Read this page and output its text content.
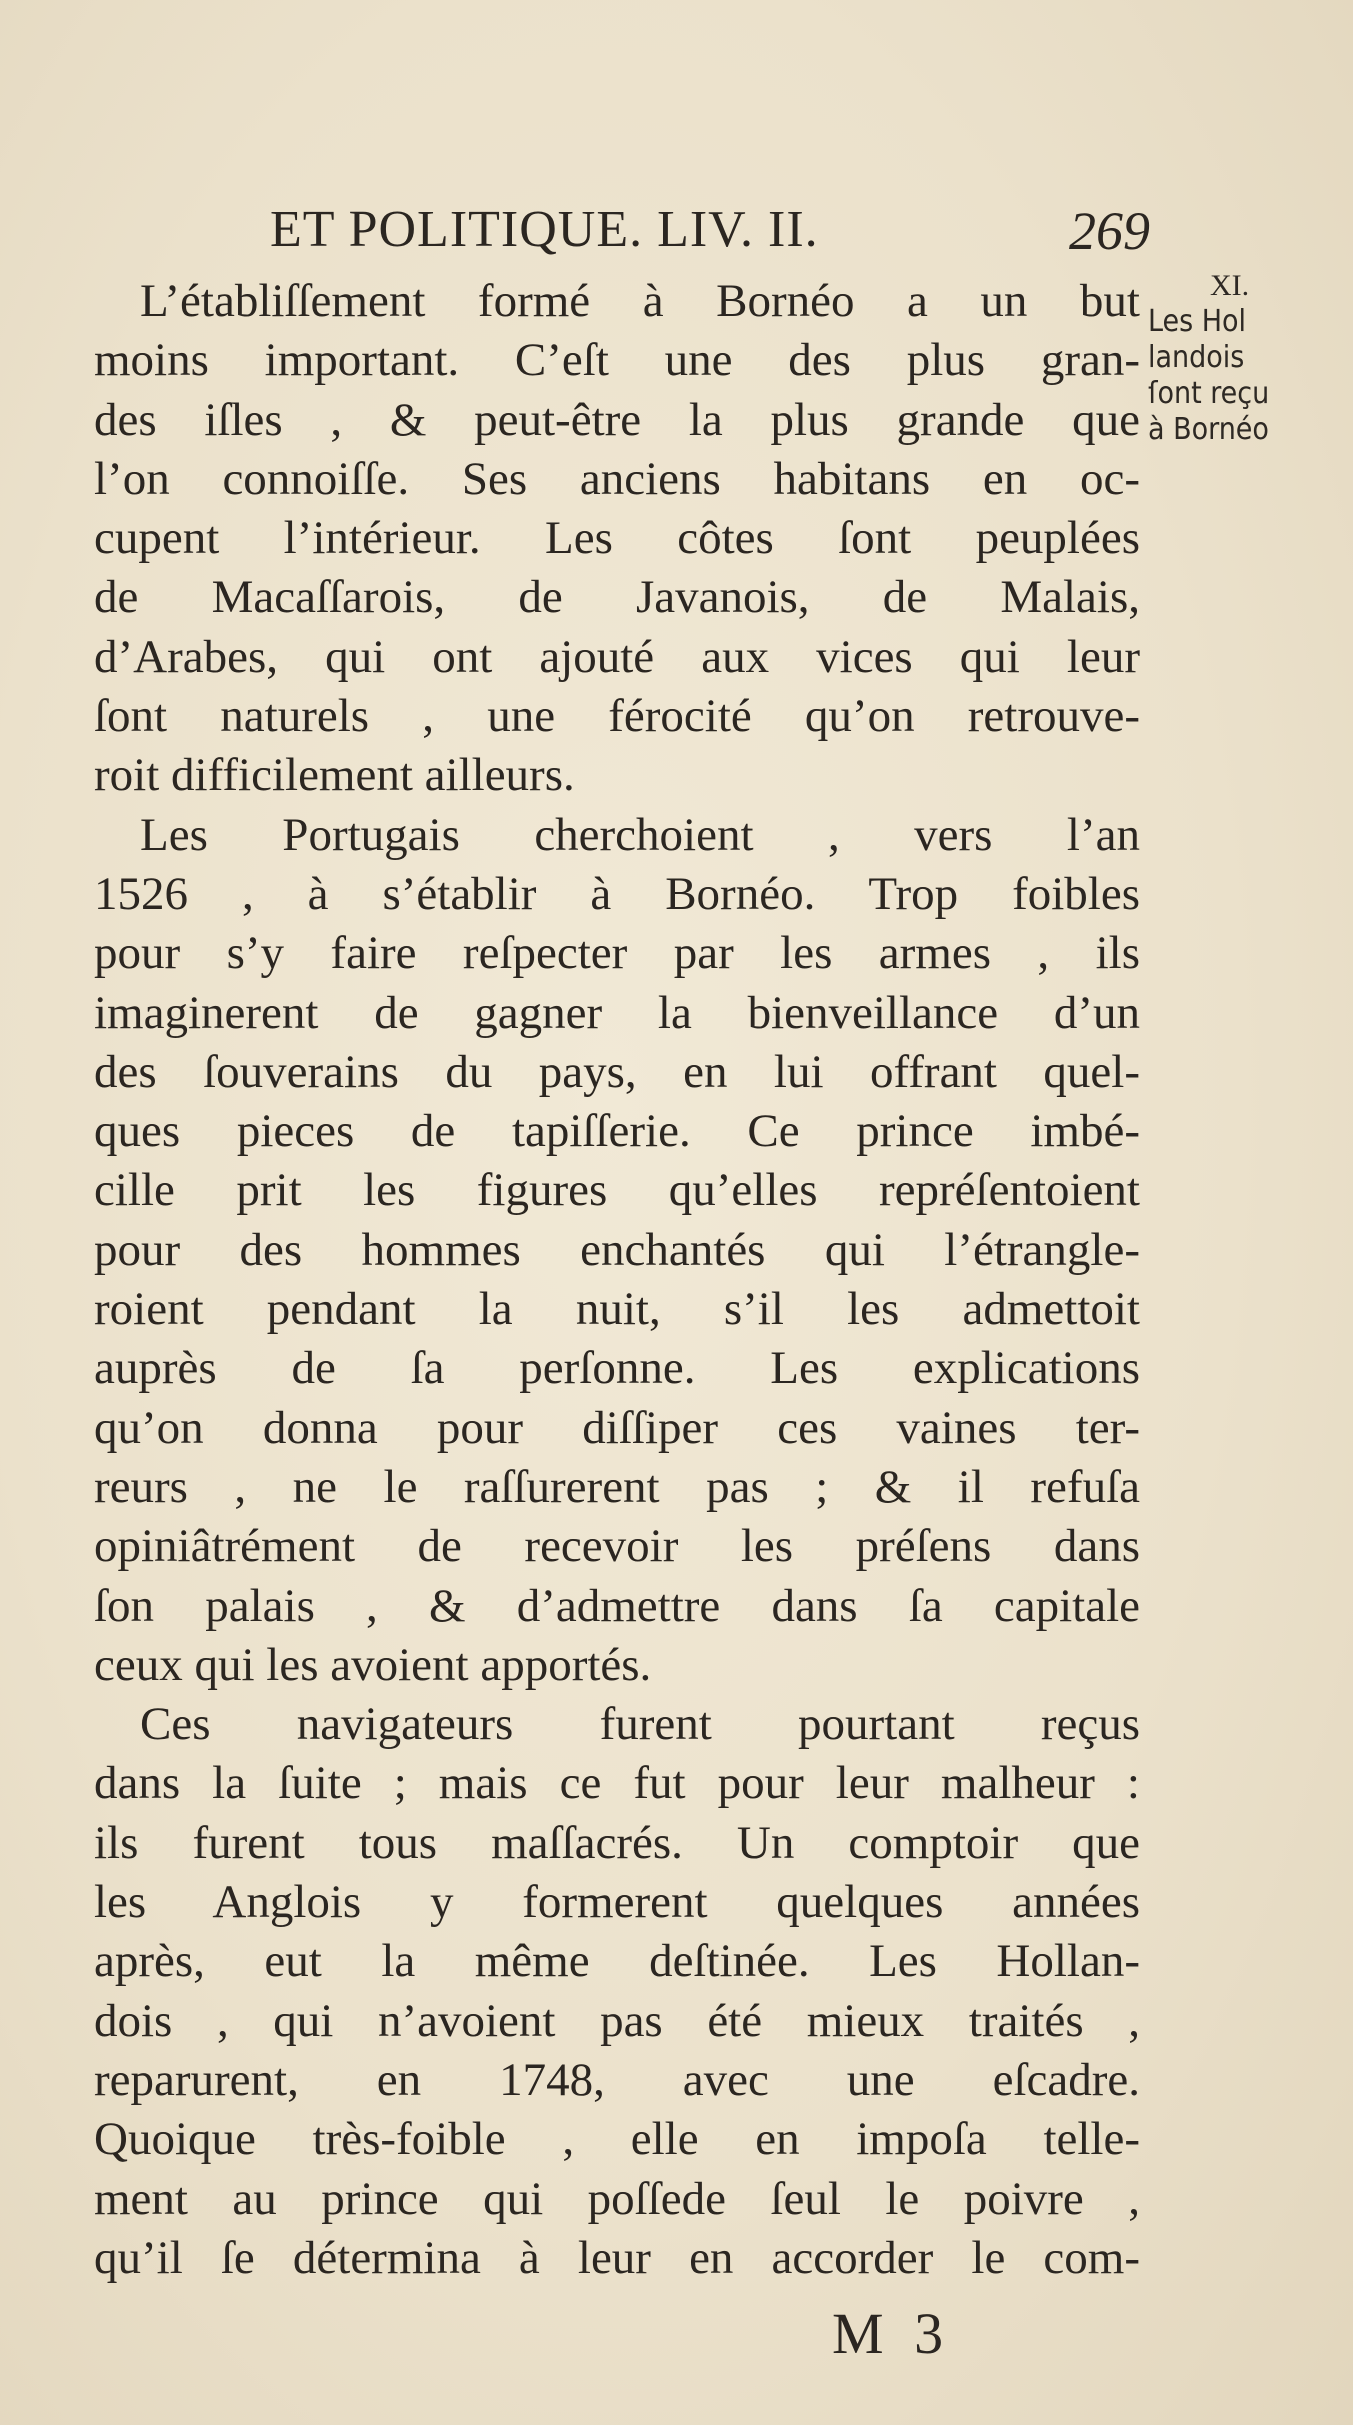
ET POLITIQUE. LIV. II.	269
XI.
Les Hol
landois
ſont reçu
à Bornéo
L’établiſſement formé à Bornéo a un but
moins important. C’eſt une des plus gran-
des iſles , & peut-être la plus grande que
l’on connoiſſe. Ses anciens habitans en oc-
cupent l’intérieur. Les côtes ſont peuplées
de Macaſſarois, de Javanois, de Malais,
d’Arabes, qui ont ajouté aux vices qui leur
ſont naturels , une férocité qu’on retrouve-
roit difficilement ailleurs.
Les Portugais cherchoient , vers l’an
1526 , à s’établir à Bornéo. Trop foibles
pour s’y faire reſpecter par les armes , ils
imaginerent de gagner la bienveillance d’un
des ſouverains du pays, en lui offrant quel-
ques pieces de tapiſſerie. Ce prince imbé-
cille prit les figures qu’elles repréſentoient
pour des hommes enchantés qui l’étrangle-
roient pendant la nuit, s’il les admettoit
auprès de ſa perſonne. Les explications
qu’on donna pour diſſiper ces vaines ter-
reurs , ne le raſſurerent pas ; & il refuſa
opiniâtrément de recevoir les préſens dans
ſon palais , & d’admettre dans ſa capitale
ceux qui les avoient apportés.
Ces navigateurs furent pourtant reçus
dans la ſuite ; mais ce fut pour leur malheur :
ils furent tous maſſacrés. Un comptoir que
les Anglois y formerent quelques années
après, eut la même deſtinée. Les Hollan-
dois , qui n’avoient pas été mieux traités ,
reparurent, en 1748, avec une eſcadre.
Quoique très-foible , elle en impoſa telle-
ment au prince qui poſſede ſeul le poivre ,
qu’il ſe détermina à leur en accorder le com-
M 3
